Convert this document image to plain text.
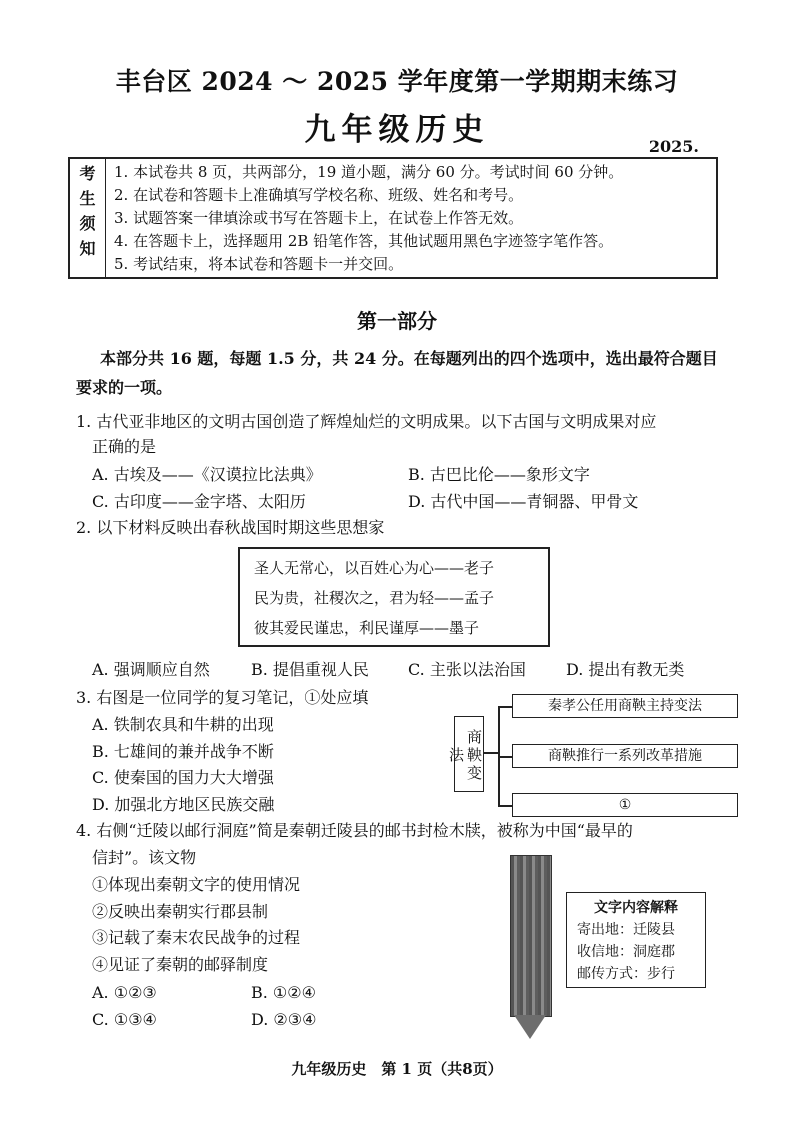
丰台区 2024 ～ 2025 学年度第一学期期末练习
九年级历史	2025.
考
生
须
知
1. 本试卷共 8 页，共两部分，19 道小题，满分 60 分。考试时间 60 分钟。
2. 在试卷和答题卡上准确填写学校名称、班级、姓名和考号。
3. 试题答案一律填涂或书写在答题卡上，在试卷上作答无效。
4. 在答题卡上，选择题用 2B 铅笔作答，其他试题用黑色字迹签字笔作答。
5. 考试结束，将本试卷和答题卡一并交回。
第一部分
本部分共 16 题，每题 1.5 分，共 24 分。在每题列出的四个选项中，选出最符合题目要求的一项。
1. 古代亚非地区的文明古国创造了辉煌灿烂的文明成果。以下古国与文明成果对应
正确的是
A. 古埃及——《汉谟拉比法典》	B. 古巴比伦——象形文字
C. 古印度——金字塔、太阳历	D. 古代中国——青铜器、甲骨文
2. 以下材料反映出春秋战国时期这些思想家
圣人无常心，以百姓心为心——老子
民为贵，社稷次之，君为轻——孟子
彼其爱民谨忠，利民谨厚——墨子
A. 强调顺应自然	B. 提倡重视人民 C. 主张以法治国	D. 提出有教无类
3. 右图是一位同学的复习笔记，①处应填
A. 铁制农具和牛耕的出现
B. 七雄间的兼并战争不断
C. 使秦国的国力大大增强
D. 加强北方地区民族交融
商鞅变法
秦孝公任用商鞅主持变法
商鞅推行一系列改革措施
①
4. 右侧“迁陵以邮行洞庭”简是秦朝迁陵县的邮书封检木牍，被称为中国“最早的
信封”。该文物
①体现出秦朝文字的使用情况
②反映出秦朝实行郡县制
③记载了秦末农民战争的过程
④见证了秦朝的邮驿制度
A. ①②③	B. ①②④
C. ①③④	D. ②③④
文字内容解释
寄出地：迁陵县
收信地：洞庭郡
邮传方式：步行
九年级历史　第 1 页（共8页）
